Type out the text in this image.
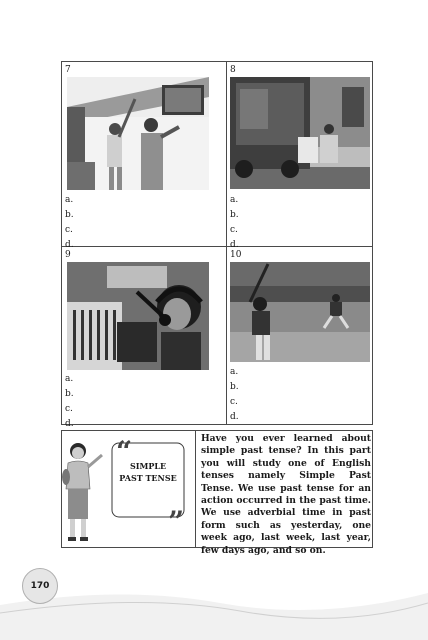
7
a.
b.
c.
d.
8
a.
b.
c.
d.
9
a.
b.
c.
d.
10
a.
b.
c.
d.
“
”
SIMPLE
PAST TENSE
Have you ever learned about simple past tense? In this part you will study one of English tenses namely Simple Past Tense. We use past tense for an action occurred in the past time. We use adverbial time in past form such as yesterday, one week ago, last week, last year, few days ago, and so on.
170
